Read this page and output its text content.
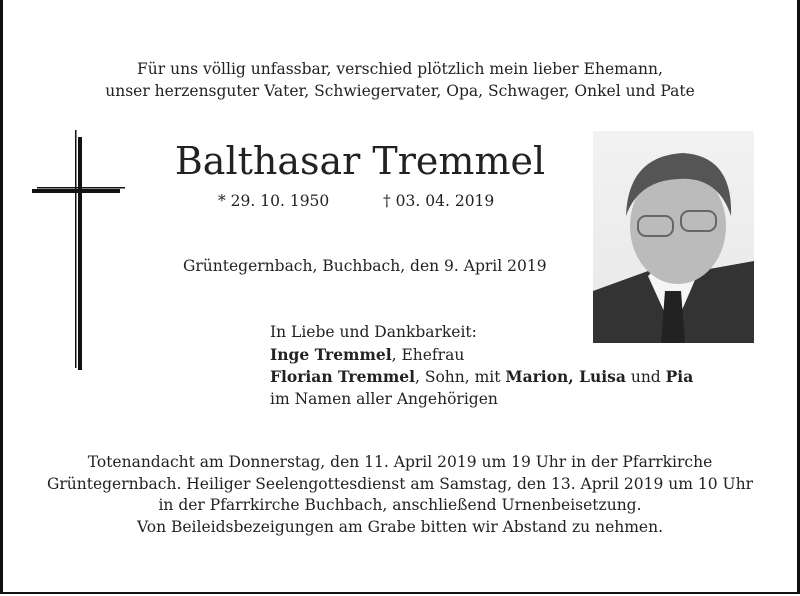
Für uns völlig unfassbar, verschied plötzlich mein lieber Ehemann,
unser herzensguter Vater, Schwiegervater, Opa, Schwager, Onkel und Pate
Balthasar Tremmel
* 29. 10. 1950	† 03. 04. 2019
Grüntegernbach, Buchbach, den 9. April 2019
In Liebe und Dankbarkeit:
Inge Tremmel, Ehefrau
Florian Tremmel, Sohn, mit Marion, Luisa und Pia
im Namen aller Angehörigen
Totenandacht am Donnerstag, den 11. April 2019 um 19 Uhr in der Pfarrkirche
Grüntegernbach. Heiliger Seelengottesdienst am Samstag, den 13. April 2019 um 10 Uhr
in der Pfarrkirche Buchbach, anschließend Urnenbeisetzung.
Von Beileidsbezeigungen am Grabe bitten wir Abstand zu nehmen.
